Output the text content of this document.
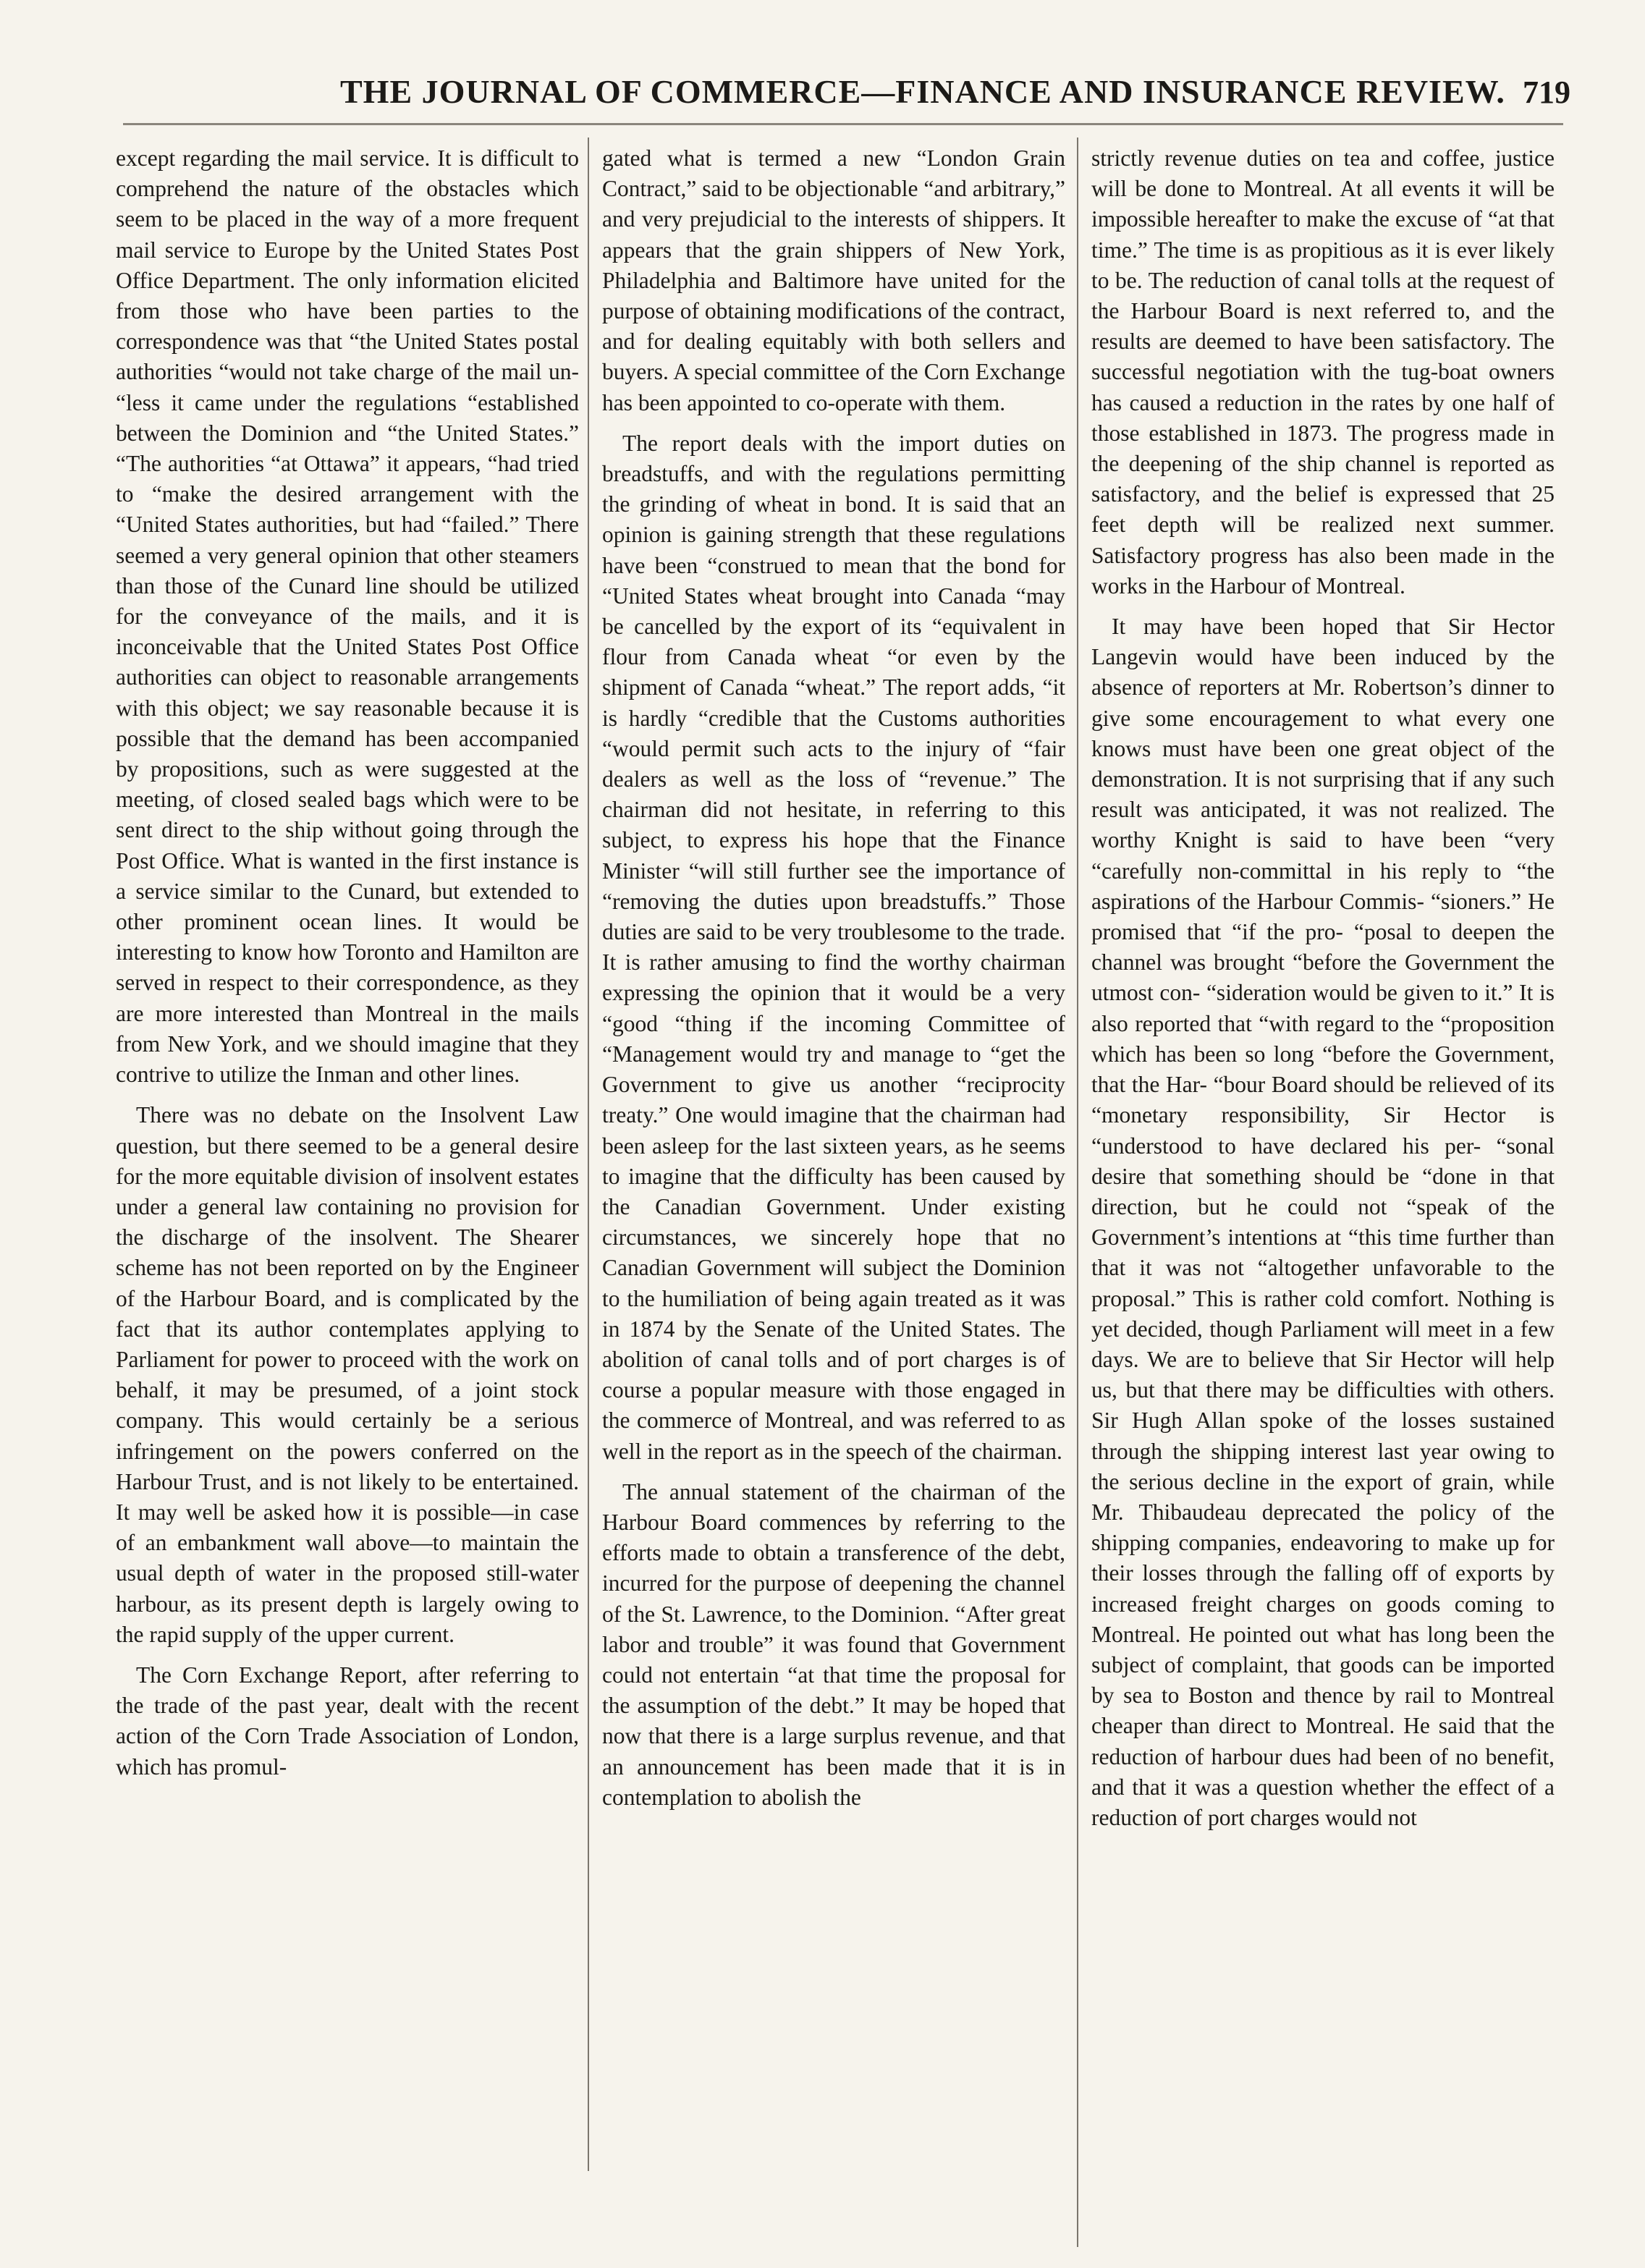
THE JOURNAL OF COMMERCE—FINANCE AND INSURANCE REVIEW. 719

except regarding the mail service. It is difficult to comprehend the nature of the obstacles which seem to be placed in the way of a more frequent mail service to Europe by the United States Post Office Department. The only information elicited from those who have been parties to the correspondence was that “the United States postal authorities “would not take charge of the mail un- “less it came under the regulations “established between the Dominion and “the United States.” “The authorities “at Ottawa” it appears, “had tried to “make the desired arrangement with the “United States authorities, but had “failed.” There seemed a very general opinion that other steamers than those of the Cunard line should be utilized for the conveyance of the mails, and it is inconceivable that the United States Post Office authorities can object to reasonable arrangements with this object; we say reasonable because it is possible that the demand has been accompanied by propositions, such as were suggested at the meeting, of closed sealed bags which were to be sent direct to the ship without going through the Post Office. What is wanted in the first instance is a service similar to the Cunard, but extended to other prominent ocean lines. It would be interesting to know how Toronto and Hamilton are served in respect to their correspondence, as they are more interested than Montreal in the mails from New York, and we should imagine that they contrive to utilize the Inman and other lines.

There was no debate on the Insolvent Law question, but there seemed to be a general desire for the more equitable division of insolvent estates under a general law containing no provision for the discharge of the insolvent. The Shearer scheme has not been reported on by the Engineer of the Harbour Board, and is complicated by the fact that its author contemplates applying to Parliament for power to proceed with the work on behalf, it may be presumed, of a joint stock company. This would certainly be a serious infringement on the powers conferred on the Harbour Trust, and is not likely to be entertained. It may well be asked how it is possible—in case of an embankment wall above—to maintain the usual depth of water in the proposed still-water harbour, as its present depth is largely owing to the rapid supply of the upper current.

The Corn Exchange Report, after referring to the trade of the past year, dealt with the recent action of the Corn Trade Association of London, which has promul-

gated what is termed a new “London Grain Contract,” said to be objectionable “and arbitrary,” and very prejudicial to the interests of shippers. It appears that the grain shippers of New York, Philadelphia and Baltimore have united for the purpose of obtaining modifications of the contract, and for dealing equitably with both sellers and buyers. A special committee of the Corn Exchange has been appointed to co-operate with them.

The report deals with the import duties on breadstuffs, and with the regulations permitting the grinding of wheat in bond. It is said that an opinion is gaining strength that these regulations have been “construed to mean that the bond for “United States wheat brought into Canada “may be cancelled by the export of its “equivalent in flour from Canada wheat “or even by the shipment of Canada “wheat.” The report adds, “it is hardly “credible that the Customs authorities “would permit such acts to the injury of “fair dealers as well as the loss of “revenue.” The chairman did not hesitate, in referring to this subject, to express his hope that the Finance Minister “will still further see the importance of “removing the duties upon breadstuffs.” Those duties are said to be very troublesome to the trade. It is rather amusing to find the worthy chairman expressing the opinion that it would be a very “good “thing if the incoming Committee of “Management would try and manage to “get the Government to give us another “reciprocity treaty.” One would imagine that the chairman had been asleep for the last sixteen years, as he seems to imagine that the difficulty has been caused by the Canadian Government. Under existing circumstances, we sincerely hope that no Canadian Government will subject the Dominion to the humiliation of being again treated as it was in 1874 by the Senate of the United States. The abolition of canal tolls and of port charges is of course a popular measure with those engaged in the commerce of Montreal, and was referred to as well in the report as in the speech of the chairman.

The annual statement of the chairman of the Harbour Board commences by referring to the efforts made to obtain a transference of the debt, incurred for the purpose of deepening the channel of the St. Lawrence, to the Dominion. “After great labor and trouble” it was found that Government could not entertain “at that time the proposal for the assumption of the debt.” It may be hoped that now that there is a large surplus revenue, and that an announcement has been made that it is in contemplation to abolish the

strictly revenue duties on tea and coffee, justice will be done to Montreal. At all events it will be impossible hereafter to make the excuse of “at that time.” The time is as propitious as it is ever likely to be. The reduction of canal tolls at the request of the Harbour Board is next referred to, and the results are deemed to have been satisfactory. The successful negotiation with the tug-boat owners has caused a reduction in the rates by one half of those established in 1873. The progress made in the deepening of the ship channel is reported as satisfactory, and the belief is expressed that 25 feet depth will be realized next summer. Satisfactory progress has also been made in the works in the Harbour of Montreal.

It may have been hoped that Sir Hector Langevin would have been induced by the absence of reporters at Mr. Robertson’s dinner to give some encouragement to what every one knows must have been one great object of the demonstration. It is not surprising that if any such result was anticipated, it was not realized. The worthy Knight is said to have been “very “carefully non-committal in his reply to “the aspirations of the Harbour Commis- “sioners.” He promised that “if the pro- “posal to deepen the channel was brought “before the Government the utmost con- “sideration would be given to it.” It is also reported that “with regard to the “proposition which has been so long “before the Government, that the Har- “bour Board should be relieved of its “monetary responsibility, Sir Hector is “understood to have declared his per- “sonal desire that something should be “done in that direction, but he could not “speak of the Government’s intentions at “this time further than that it was not “altogether unfavorable to the proposal.” This is rather cold comfort. Nothing is yet decided, though Parliament will meet in a few days. We are to believe that Sir Hector will help us, but that there may be difficulties with others. Sir Hugh Allan spoke of the losses sustained through the shipping interest last year owing to the serious decline in the export of grain, while Mr. Thibaudeau deprecated the policy of the shipping companies, endeavoring to make up for their losses through the falling off of exports by increased freight charges on goods coming to Montreal. He pointed out what has long been the subject of complaint, that goods can be imported by sea to Boston and thence by rail to Montreal cheaper than direct to Montreal. He said that the reduction of harbour dues had been of no benefit, and that it was a question whether the effect of a reduction of port charges would not
